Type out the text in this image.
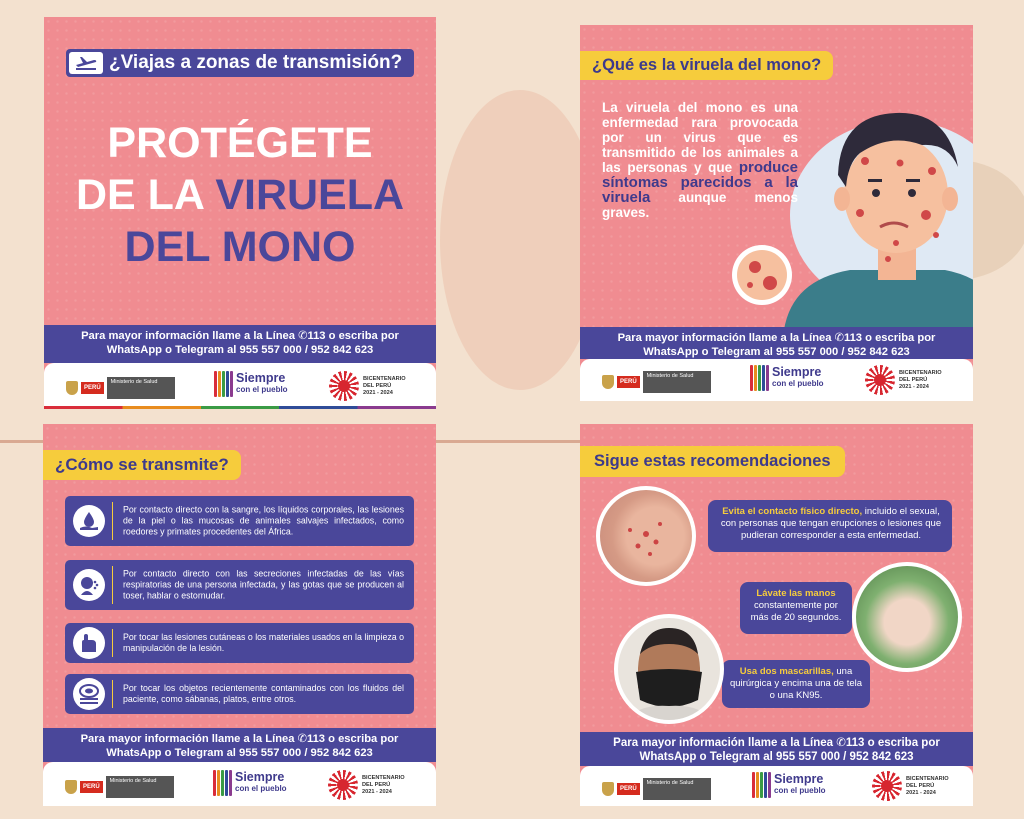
¿Viajas a zonas de transmisión?
PROTÉGETE
DE LA VIRUELA
DEL MONO
Para mayor información llame a la Línea ✆113 o escriba por
WhatsApp o Telegram al 955 557 000 / 952 842 623
PERÚ
Ministerio de Salud	Siempre
con el pueblo
BICENTENARIO
DEL PERÚ
2021 - 2024
¿Qué es la viruela del mono?
La viruela del mono es una enfermedad rara provocada por un virus que es transmitido de los animales a las personas y que produce síntomas parecidos a la viruela aunque menos graves.
Para mayor información llame a la Línea ✆113 o escriba por
WhatsApp o Telegram al 955 557 000 / 952 842 623
PERÚ
Ministerio de Salud	Siempre
con el pueblo
BICENTENARIO
DEL PERÚ
2021 - 2024
¿Cómo se transmite?
Por contacto directo con la sangre, los líquidos corporales, las lesiones de la piel o las mucosas de animales salvajes infectados, como roedores y primates procedentes del África.
Por contacto directo con las secreciones infectadas de las vías respiratorias de una persona infectada, y las gotas que se producen al toser, hablar o estornudar.
Por tocar las lesiones cutáneas o los materiales usados en la limpieza o manipulación de la lesión.
Por tocar los objetos recientemente contaminados con los fluidos del paciente, como sábanas, platos, entre otros.
Para mayor información llame a la Línea ✆113 o escriba por
WhatsApp o Telegram al 955 557 000 / 952 842 623
PERÚ
Ministerio de Salud	Siempre
con el pueblo
BICENTENARIO
DEL PERÚ
2021 - 2024
Sigue estas recomendaciones
Evita el contacto físico directo, incluido el sexual, con personas que tengan erupciones o lesiones que pudieran corresponder a esta enfermedad.
Lávate las manos
constantemente por más de 20 segundos.
Usa dos mascarillas, una quirúrgica y encima una de tela o una KN95.
Para mayor información llame a la Línea ✆113 o escriba por
WhatsApp o Telegram al 955 557 000 / 952 842 623
PERÚ
Ministerio de Salud	Siempre
con el pueblo
BICENTENARIO
DEL PERÚ
2021 - 2024
